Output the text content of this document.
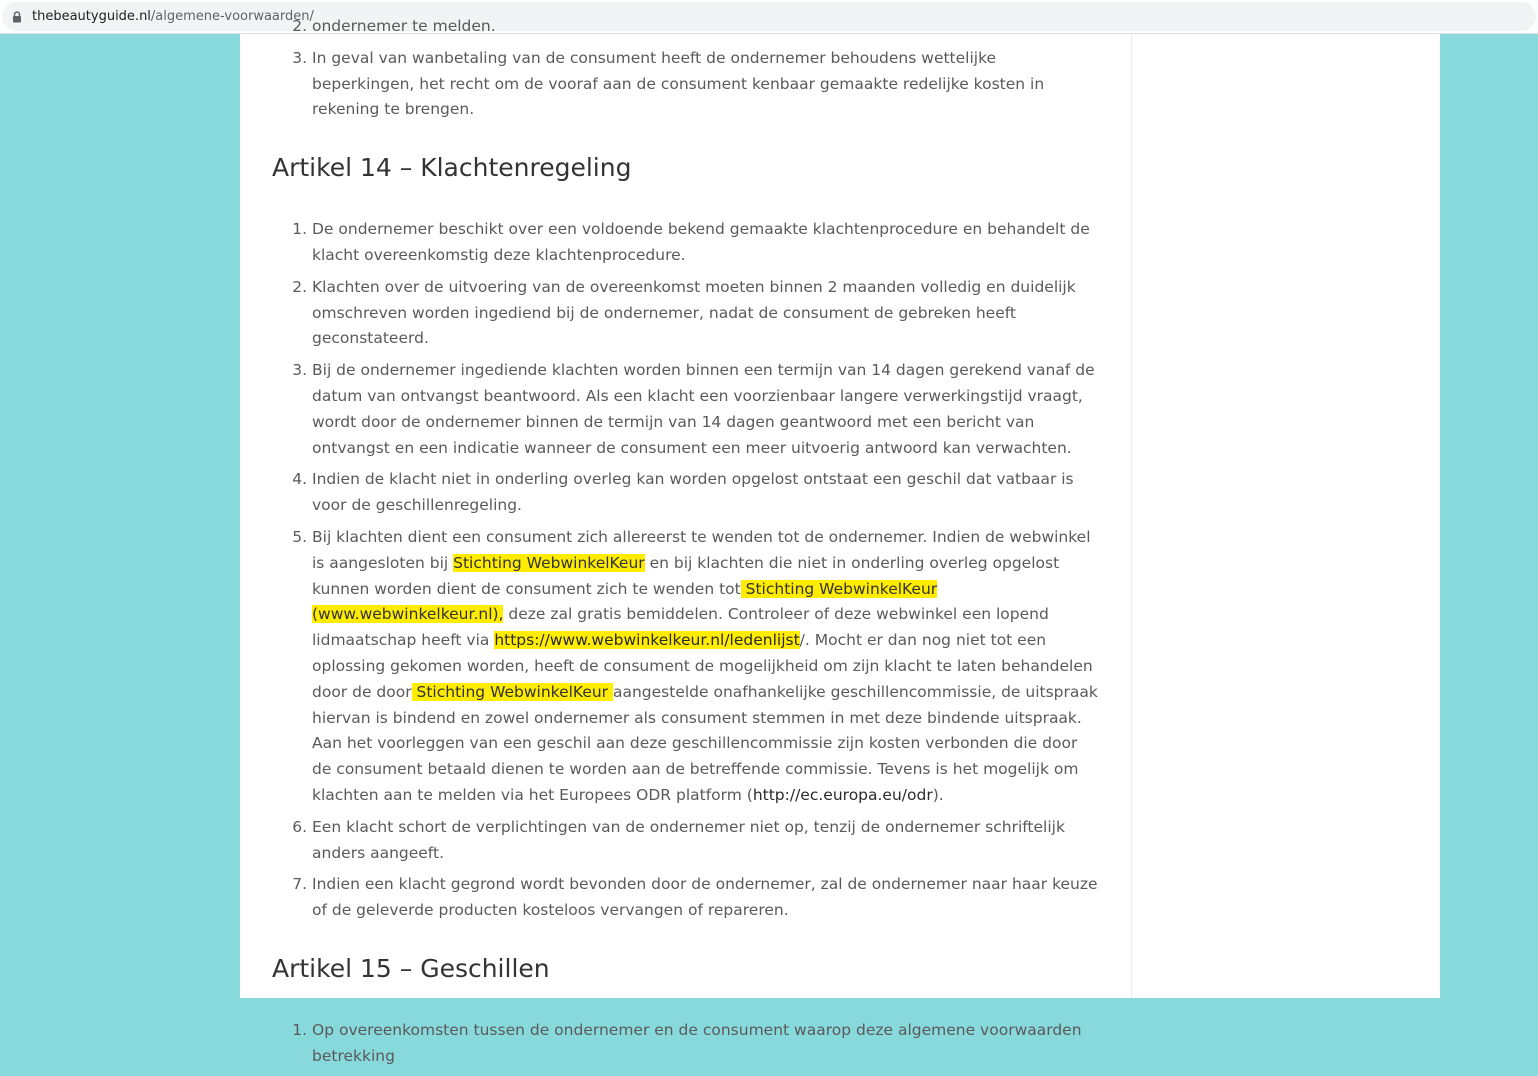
thebeautyguide.nl/algemene-voorwaarden/
2. ondernemer te melden.
3. In geval van wanbetaling van de consument heeft de ondernemer behoudens wettelijke beperkingen, het recht om de vooraf aan de consument kenbaar gemaakte redelijke kosten in rekening te brengen.
Artikel 14 – Klachtenregeling
1. De ondernemer beschikt over een voldoende bekend gemaakte klachtenprocedure en behandelt de klacht overeenkomstig deze klachtenprocedure.
2. Klachten over de uitvoering van de overeenkomst moeten binnen 2 maanden volledig en duidelijk omschreven worden ingediend bij de ondernemer, nadat de consument de gebreken heeft geconstateerd.
3. Bij de ondernemer ingediende klachten worden binnen een termijn van 14 dagen gerekend vanaf de datum van ontvangst beantwoord. Als een klacht een voorzienbaar langere verwerkingstijd vraagt, wordt door de ondernemer binnen de termijn van 14 dagen geantwoord met een bericht van ontvangst en een indicatie wanneer de consument een meer uitvoerig antwoord kan verwachten.
4. Indien de klacht niet in onderling overleg kan worden opgelost ontstaat een geschil dat vatbaar is voor de geschillenregeling.
5. Bij klachten dient een consument zich allereerst te wenden tot de ondernemer. Indien de webwinkel is aangesloten bij Stichting WebwinkelKeur en bij klachten die niet in onderling overleg opgelost kunnen worden dient de consument zich te wenden tot Stichting WebwinkelKeur (www.webwinkelkeur.nl), deze zal gratis bemiddelen. Controleer of deze webwinkel een lopend lidmaatschap heeft via https://www.webwinkelkeur.nl/ledenlijst/. Mocht er dan nog niet tot een oplossing gekomen worden, heeft de consument de mogelijkheid om zijn klacht te laten behandelen door de door Stichting WebwinkelKeur aangestelde onafhankelijke geschillencommissie, de uitspraak hiervan is bindend en zowel ondernemer als consument stemmen in met deze bindende uitspraak. Aan het voorleggen van een geschil aan deze geschillencommissie zijn kosten verbonden die door de consument betaald dienen te worden aan de betreffende commissie. Tevens is het mogelijk om klachten aan te melden via het Europees ODR platform (http://ec.europa.eu/odr).
6. Een klacht schort de verplichtingen van de ondernemer niet op, tenzij de ondernemer schriftelijk anders aangeeft.
7. Indien een klacht gegrond wordt bevonden door de ondernemer, zal de ondernemer naar haar keuze of de geleverde producten kosteloos vervangen of repareren.
Artikel 15 – Geschillen
1. Op overeenkomsten tussen de ondernemer en de consument waarop deze algemene voorwaarden betrekking
